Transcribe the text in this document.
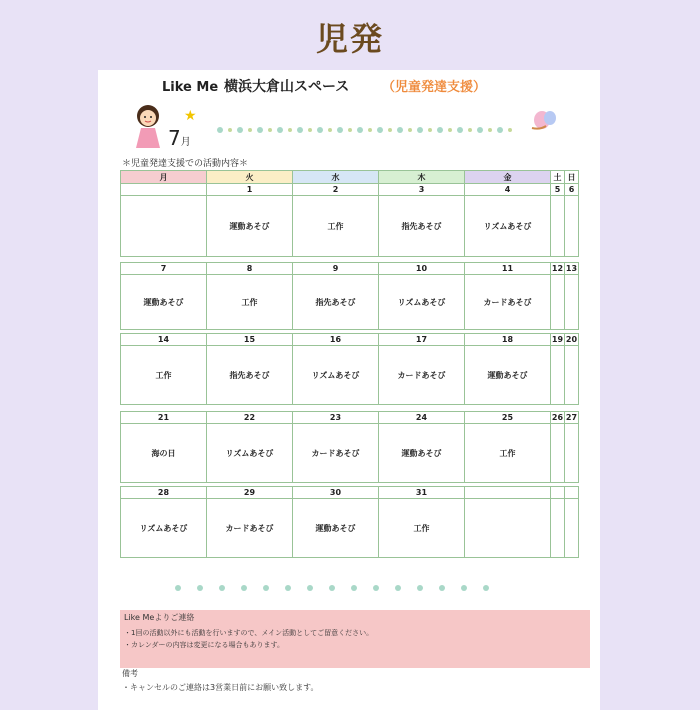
児発
Like Me 横浜大倉山スペース	（児童発達支援）
★
7月
＊児童発達支援での活動内容＊
月	火	水	木	金	土	日
	1	2	3	4	5	6
	運動あそび	工作	指先あそび	リズムあそび		
7	8	9	10	11	12	13
運動あそび	工作	指先あそび	リズムあそび	カードあそび		
14	15	16	17	18	19	20
工作	指先あそび	リズムあそび	カードあそび	運動あそび		
21	22	23	24	25	26	27
海の日	リズムあそび	カードあそび	運動あそび	工作		
28	29	30	31			
リズムあそび	カードあそび	運動あそび	工作			
Like Meよりご連絡
・1回の活動以外にも活動を行いますので、メイン活動としてご留意ください。
・カレンダーの内容は変更になる場合もあります。
備考
・キャンセルのご連絡は3営業日前にお願い致します。
